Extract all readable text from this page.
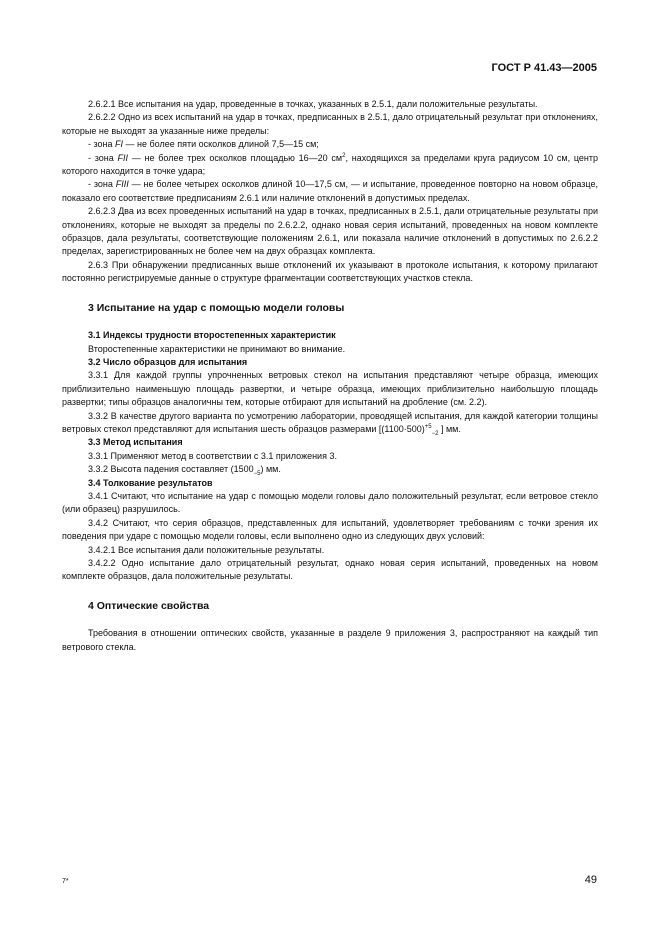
ГОСТ Р 41.43—2005
2.6.2.1 Все испытания на удар, проведенные в точках, указанных в 2.5.1, дали положительные результаты.
2.6.2.2 Одно из всех испытаний на удар в точках, предписанных в 2.5.1, дало отрицательный результат при отклонениях, которые не выходят за указанные ниже пределы:
- зона FI — не более пяти осколков длиной 7,5—15 см;
- зона FII — не более трех осколков площадью 16—20 $см^2$, находящихся за пределами круга радиусом 10 см, центр которого находится в точке удара;
- зона FIII — не более четырех осколков длиной 10—17,5 см, — и испытание, проведенное повторно на новом образце, показало его соответствие предписаниям 2.6.1 или наличие отклонений в допустимых пределах.
2.6.2.3 Два из всех проведенных испытаний на удар в точках, предписанных в 2.5.1, дали отрицательные результаты при отклонениях, которые не выходят за пределы по 2.6.2.2, однако новая серия испытаний, проведенных на новом комплекте образцов, дала результаты, соответствующие положениям 2.6.1, или показала наличие отклонений в допустимых по 2.6.2.2 пределах, зарегистрированных не более чем на двух образцах комплекта.
2.6.3 При обнаружении предписанных выше отклонений их указывают в протоколе испытания, к которому прилагают постоянно регистрируемые данные о структуре фрагментации соответствующих участков стекла.
3 Испытание на удар с помощью модели головы
3.1 Индексы трудности второстепенных характеристик
Второстепенные характеристики не принимают во внимание.
3.2 Число образцов для испытания
3.3.1 Для каждой группы упрочненных ветровых стекол на испытания представляют четыре образца, имеющих приблизительно наименьшую площадь развертки, и четыре образца, имеющих приблизительно наибольшую площадь развертки; типы образцов аналогичны тем, которые отбирают для испытаний на дробление (см. 2.2).
3.3.2 В качестве другого варианта по усмотрению лаборатории, проводящей испытания, для каждой категории толщины ветровых стекол представляют для испытания шесть образцов размерами [$(1100\cdot 500)^{+5}_{-2}$ ] мм.
3.3 Метод испытания
3.3.1 Применяют метод в соответствии с 3.1 приложения 3.
3.3.2 Высота падения составляет $(1500_{-5})$ мм.
3.4 Толкование результатов
3.4.1 Считают, что испытание на удар с помощью модели головы дало положительный результат, если ветровое стекло (или образец) разрушилось.
3.4.2 Считают, что серия образцов, представленных для испытаний, удовлетворяет требованиям с точки зрения их поведения при ударе с помощью модели головы, если выполнено одно из следующих двух условий:
3.4.2.1 Все испытания дали положительные результаты.
3.4.2.2 Одно испытание дало отрицательный результат, однако новая серия испытаний, проведенных на новом комплекте образцов, дала положительные результаты.
4 Оптические свойства
Требования в отношении оптических свойств, указанные в разделе 9 приложения 3, распространяют на каждый тип ветрового стекла.
7*	49
